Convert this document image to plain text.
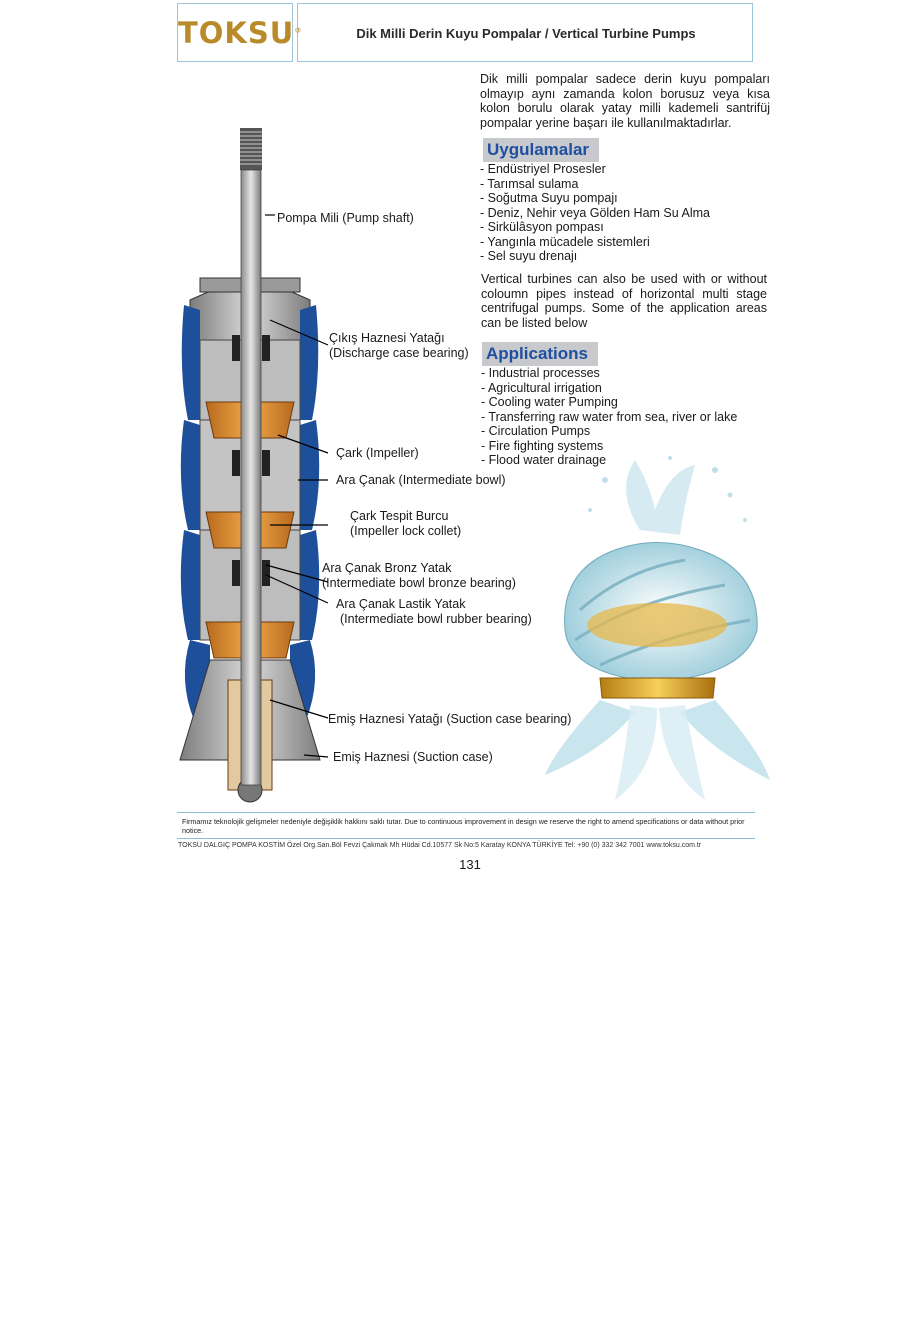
TOKSU®	Dik Milli Derin Kuyu Pompalar / Vertical Turbine Pumps
Dik milli pompalar sadece derin kuyu pompaları olmayıp aynı zamanda kolon borusuz veya kısa kolon borulu olarak yatay milli kademeli santrifüj pompalar yerine başarı ile kullanılmaktadırlar.
Uygulamalar
- Endüstriyel Prosesler
- Tarımsal sulama
- Soğutma Suyu pompajı
- Deniz, Nehir veya Gölden Ham Su Alma
- Sirkülâsyon pompası
- Yangınla mücadele sistemleri
- Sel suyu drenajı
Vertical turbines can also be used with or without coloumn pipes instead of horizontal multi stage centrifugal pumps. Some of the application areas can be listed below
Applications
- Industrial processes
- Agricultural irrigation
- Cooling water Pumping
- Transferring raw water from sea, river or lake
- Circulation Pumps
- Fire fighting systems
- Flood water drainage
Pompa Mili (Pump shaft)
Çıkış Haznesi Yatağı
(Discharge case bearing)
Çark (Impeller)
Ara Çanak (Intermediate bowl)
Çark Tespit Burcu
(Impeller lock collet)
Ara Çanak Bronz Yatak
(Intermediate bowl bronze bearing)
Ara Çanak Lastik Yatak
(Intermediate bowl rubber bearing)
Emiş Haznesi Yatağı (Suction case bearing)
Emiş Haznesi (Suction case)
Firmamız teknolojik gelişmeler nedeniyle değişiklik hakkını saklı tutar. Due to continuous improvement in design we reserve the right to amend specifications or data without prior notice.
TOKSU DALGIÇ POMPA KOSTİM Özel Org.San.Böl Fevzi Çakmak Mh Hüdai Cd.10577 Sk No:5 Karatay KONYA TÜRKİYE Tel: +90 (0) 332 342 7001 www.toksu.com.tr
131
